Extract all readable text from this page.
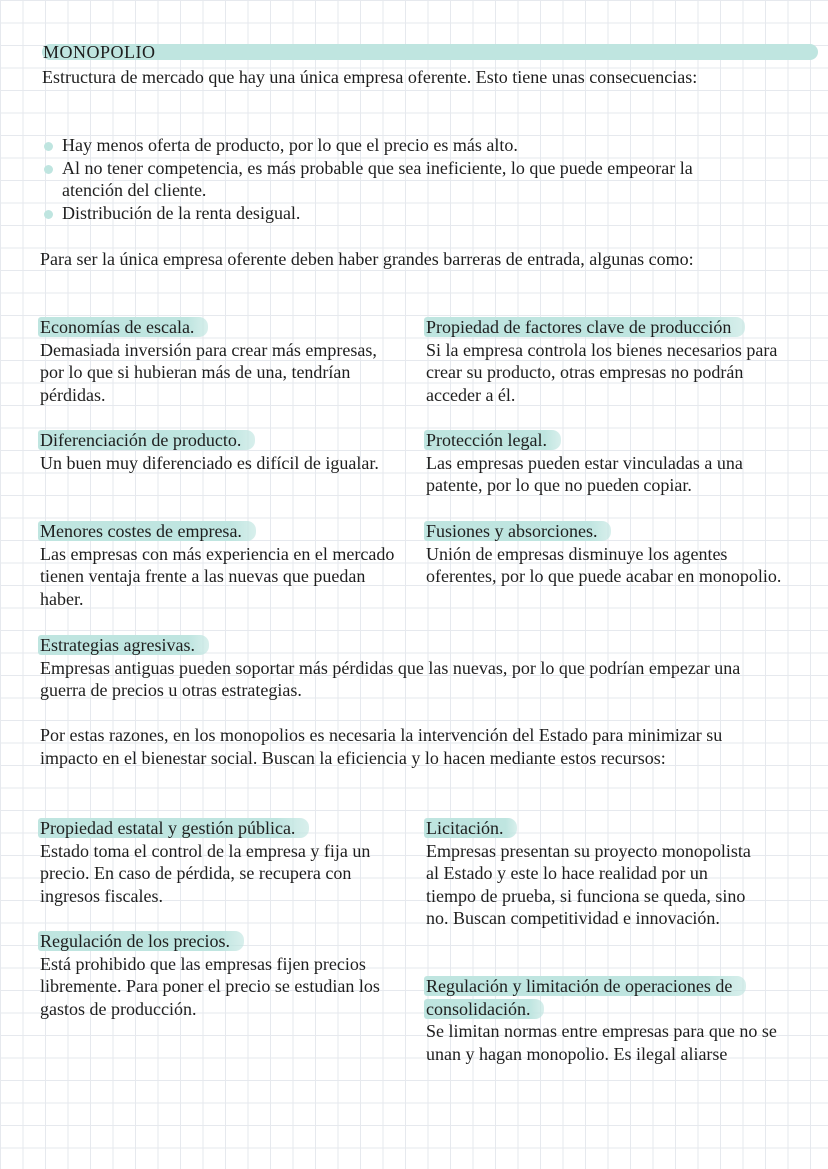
MONOPOLIO

Estructura de mercado que hay una única empresa oferente. Esto tiene unas consecuencias:

Hay menos oferta de producto, por lo que el precio es más alto.
Al no tener competencia, es más probable que sea ineficiente, lo que puede empeorar la atención del cliente.
Distribución de la renta desigual.

Para ser la única empresa oferente deben haber grandes barreras de entrada, algunas como:

Economías de escala.

Demasiada inversión para crear más empresas, por lo que si hubieran más de una, tendrían pérdidas.

Propiedad de factores clave de producción

Si la empresa controla los bienes necesarios para crear su producto, otras empresas no podrán acceder a él.

Diferenciación de producto.

Un buen muy diferenciado es difícil de igualar.

Protección legal.

Las empresas pueden estar vinculadas a una patente, por lo que no pueden copiar.

Menores costes de empresa.

Las empresas con más experiencia en el mercado tienen ventaja frente a las nuevas que puedan haber.

Fusiones y absorciones.

Unión de empresas disminuye los agentes oferentes, por lo que puede acabar en monopolio.

Estrategias agresivas.

Empresas antiguas pueden soportar más pérdidas que las nuevas, por lo que podrían empezar una guerra de precios u otras estrategias.

Por estas razones, en los monopolios es necesaria la intervención del Estado para minimizar su impacto en el bienestar social. Buscan la eficiencia y lo hacen mediante estos recursos:

Propiedad estatal y gestión pública.

Estado toma el control de la empresa y fija un precio. En caso de pérdida, se recupera con ingresos fiscales.

Licitación.

Empresas presentan su proyecto monopolista al Estado y este lo hace realidad por un tiempo de prueba, si funciona se queda, sino no. Buscan competitividad e innovación.

Regulación de los precios.

Está prohibido que las empresas fijen precios libremente. Para poner el precio se estudian los gastos de producción.

Regulación y limitación de operaciones de consolidación.

Se limitan normas entre empresas para que no se unan y hagan monopolio. Es ilegal aliarse
